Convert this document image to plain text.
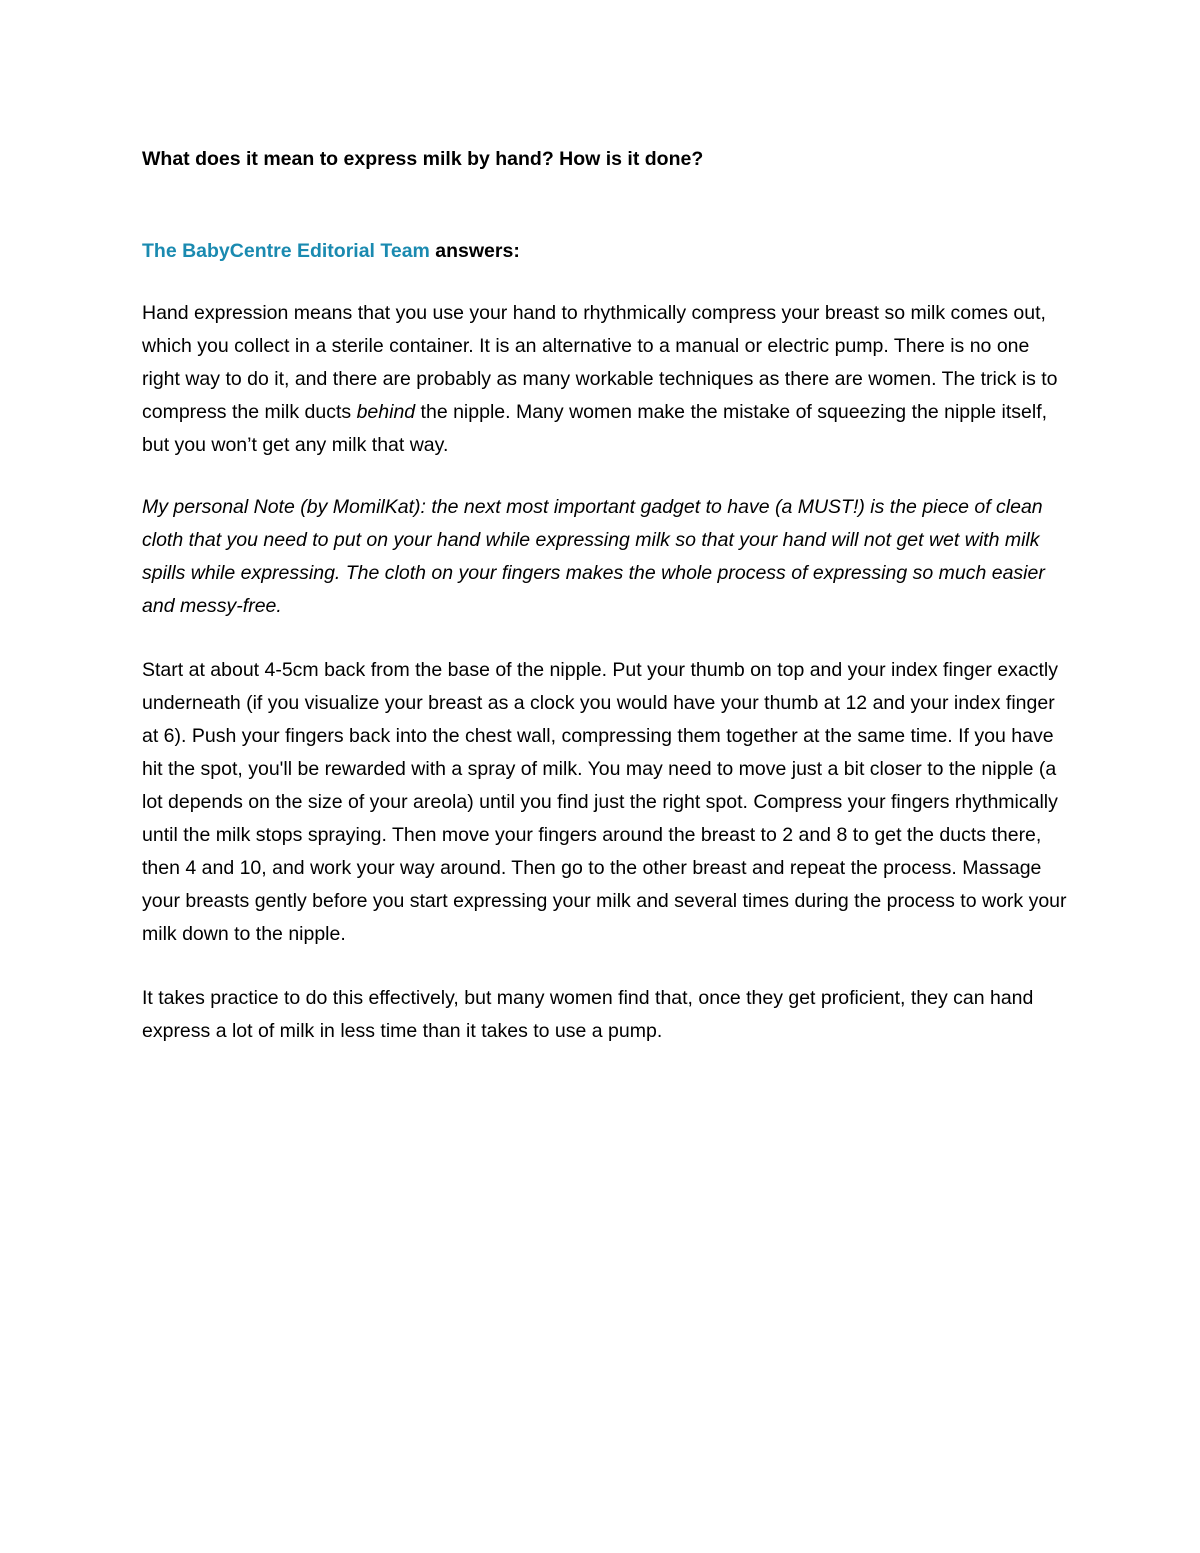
What does it mean to express milk by hand? How is it done?

The BabyCentre Editorial Team answers:

Hand expression means that you use your hand to rhythmically compress your breast so milk comes out, which you collect in a sterile container. It is an alternative to a manual or electric pump. There is no one right way to do it, and there are probably as many workable techniques as there are women. The trick is to compress the milk ducts behind the nipple. Many women make the mistake of squeezing the nipple itself, but you won’t get any milk that way.

My personal Note (by MomilKat): the next most important gadget to have (a MUST!) is the piece of clean cloth that you need to put on your hand while expressing milk so that your hand will not get wet with milk spills while expressing. The cloth on your fingers makes the whole process of expressing so much easier and messy-free.

Start at about 4-5cm back from the base of the nipple. Put your thumb on top and your index finger exactly underneath (if you visualize your breast as a clock you would have your thumb at 12 and your index finger at 6). Push your fingers back into the chest wall, compressing them together at the same time. If you have hit the spot, you'll be rewarded with a spray of milk. You may need to move just a bit closer to the nipple (a lot depends on the size of your areola) until you find just the right spot. Compress your fingers rhythmically until the milk stops spraying. Then move your fingers around the breast to 2 and 8 to get the ducts there, then 4 and 10, and work your way around. Then go to the other breast and repeat the process. Massage your breasts gently before you start expressing your milk and several times during the process to work your milk down to the nipple.

It takes practice to do this effectively, but many women find that, once they get proficient, they can hand express a lot of milk in less time than it takes to use a pump.
